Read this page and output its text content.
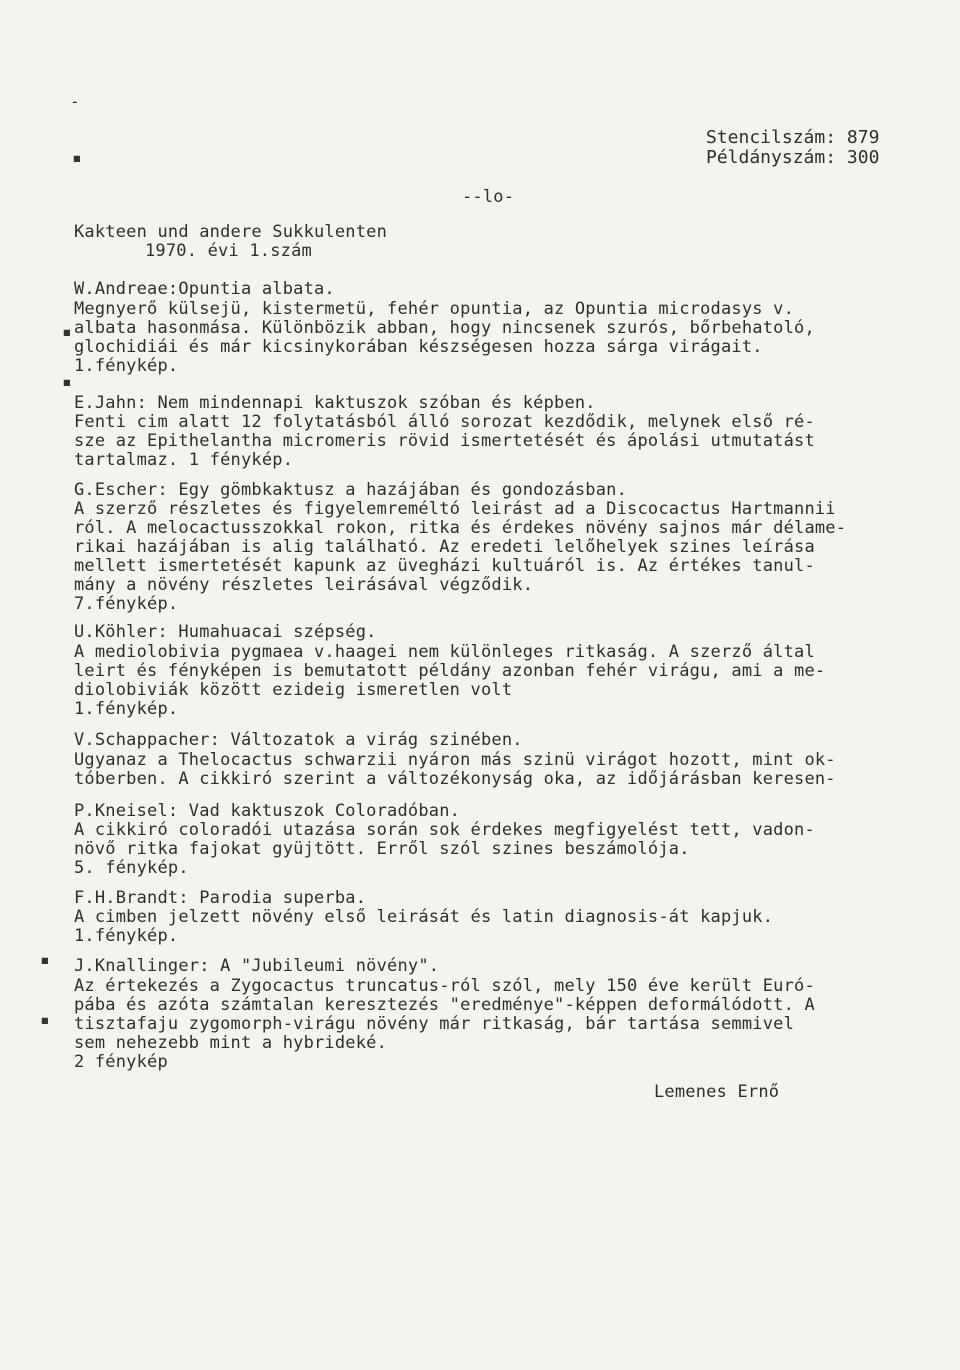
-
▪
▪
▪
▪
▪
Stencilszám: 879
Példányszám: 300
--lo-
Kakteen und andere Sukkulenten
1970. évi 1.szám
W.Andreae:Opuntia albata.
Megnyerő külsejü, kistermetü, fehér opuntia, az Opuntia microdasys v.
albata hasonmása. Különbözik abban, hogy nincsenek szurós, bőrbehatoló,
glochidiái és már kicsinykorában készségesen hozza sárga virágait.
1.fénykép.
E.Jahn: Nem mindennapi kaktuszok szóban és képben.
Fenti cim alatt 12 folytatásból álló sorozat kezdődik, melynek első ré-
sze az Epithelantha micromeris rövid ismertetését és ápolási utmutatást
tartalmaz. 1 fénykép.
G.Escher: Egy gömbkaktusz a hazájában és gondozásban.
A szerző részletes és figyelemreméltó leirást ad a Discocactus Hartmannii
ról. A melocactusszokkal rokon, ritka és érdekes növény sajnos már délame-
rikai hazájában is alig található. Az eredeti lelőhelyek szines leírása
mellett ismertetését kapunk az üvegházi kultuáról is. Az értékes tanul-
mány a növény részletes leirásával végződik.
7.fénykép.
U.Köhler: Humahuacai szépség.
A mediolobivia pygmaea v.haagei nem különleges ritkaság. A szerző által
leirt és fényképen is bemutatott példány azonban fehér virágu, ami a me-
diolobiviák között ezideig ismeretlen volt
1.fénykép.
V.Schappacher: Változatok a virág szinében.
Ugyanaz a Thelocactus schwarzii nyáron más szinü virágot hozott, mint ok-
tóberben. A cikkiró szerint a változékonyság oka, az időjárásban keresen-
P.Kneisel: Vad kaktuszok Coloradóban.
A cikkiró coloradói utazása során sok érdekes megfigyelést tett, vadon-
növő ritka fajokat gyüjtött. Erről szól szines beszámolója.
5. fénykép.
F.H.Brandt: Parodia superba.
A cimben jelzett növény első leirását és latin diagnosis-át kapjuk.
1.fénykép.
J.Knallinger: A "Jubileumi növény".
Az értekezés a Zygocactus truncatus-ról szól, mely 150 éve került Euró-
pába és azóta számtalan keresztezés "eredménye"-képpen deformálódott. A
tisztafaju zygomorph-virágu növény már ritkaság, bár tartása semmivel
sem nehezebb mint a hybrideké.
2 fénykép
Lemenes Ernő
